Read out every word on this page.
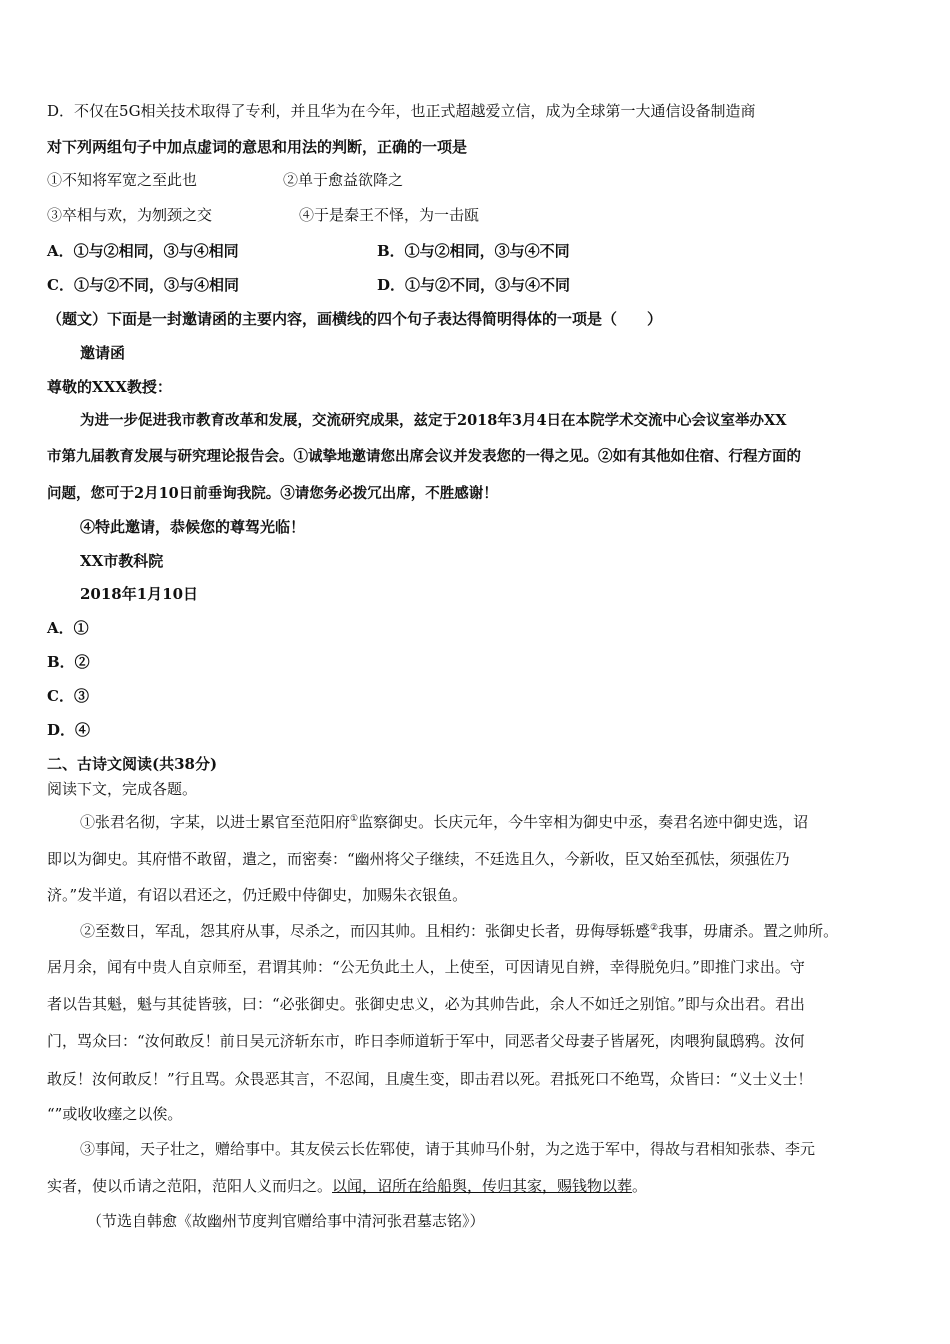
D．不仅在5G相关技术取得了专利，并且华为在今年，也正式超越爱立信，成为全球第一大通信设备制造商
对下列两组句子中加点虚词的意思和用法的判断，正确的一项是
①不知将军宽之至此也	②单于愈益欲降之
③卒相与欢，为刎颈之交	④于是秦王不怿，为一击瓯
A．①与②相同，③与④相同	B．①与②相同，③与④不同
C．①与②不同，③与④相同	D．①与②不同，③与④不同
（题文）下面是一封邀请函的主要内容，画横线的四个句子表达得简明得体的一项是（　　）
邀请函
尊敬的XXX教授：
为进一步促进我市教育改革和发展，交流研究成果，兹定于2018年3月4日在本院学术交流中心会议室举办XX
市第九届教育发展与研究理论报告会。①诚挚地邀请您出席会议并发表您的一得之见。②如有其他如住宿、行程方面的
问题，您可于2月10日前垂询我院。③请您务必拨冗出席，不胜感谢！
④特此邀请，恭候您的尊驾光临！
XX市教科院
2018年1月10日
A．①
B．②
C．③
D．④
二、古诗文阅读(共38分)
阅读下文，完成各题。
①张君名彻，字某，以进士累官至范阳府①监察御史。长庆元年，今牛宰相为御史中丞，奏君名迹中御史选，诏
即以为御史。其府惜不敢留，遣之，而密奏：“幽州将父子继续，不廷选且久，今新收，臣又始至孤怯，须强佐乃
济。”发半道，有诏以君还之，仍迁殿中侍御史，加赐朱衣银鱼。
②至数日，军乱，怨其府从事，尽杀之，而囚其帅。且相约：张御史长者，毋侮辱轹蹙②我事，毋庸杀。置之帅所。
居月余，闻有中贵人自京师至，君谓其帅：“公无负此土人，上使至，可因请见自辨，幸得脱免归。”即推门求出。守
者以告其魁，魁与其徒皆骇，曰：“必张御史。张御史忠义，必为其帅告此，余人不如迁之别馆。”即与众出君。君出
门，骂众曰：“汝何敢反！前日吴元济斩东市，昨日李师道斩于军中，同恶者父母妻子皆屠死，肉喂狗鼠鸱鸦。汝何
敢反！汝何敢反！”行且骂。众畏恶其言，不忍闻，且虞生变，即击君以死。君抵死口不绝骂，众皆曰：“义士义士！
“”或收收瘗之以俟。
③事闻，天子壮之，赠给事中。其友侯云长佐郓使，请于其帅马仆射，为之选于军中，得故与君相知张恭、李元
实者，使以币请之范阳，范阳人义而归之。以闻，诏所在给船舆，传归其家，赐钱物以葬。
（节选自韩愈《故幽州节度判官赠给事中清河张君墓志铭》）
